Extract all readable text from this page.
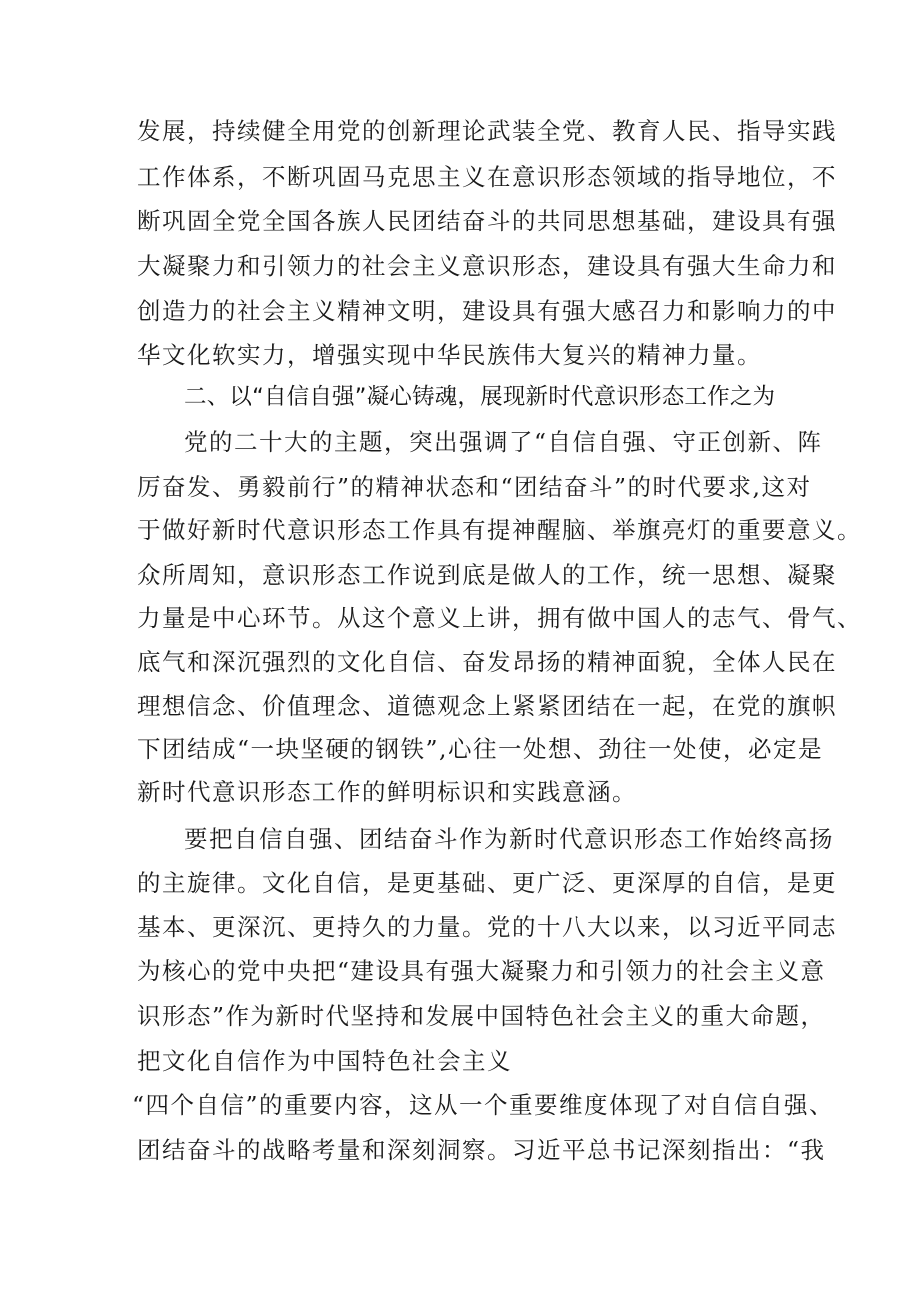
发展，持续健全用党的创新理论武装全党、教育人民、指导实践

工作体系，不断巩固马克思主义在意识形态领域的指导地位，不

断巩固全党全国各族人民团结奋斗的共同思想基础，建设具有强

大凝聚力和引领力的社会主义意识形态，建设具有强大生命力和

创造力的社会主义精神文明，建设具有强大感召力和影响力的中

华文化软实力，增强实现中华民族伟大复兴的精神力量。

二、以“自信自强”凝心铸魂，展现新时代意识形态工作之为

党的二十大的主题，突出强调了“自信自强、守正创新、阵

厉奋发、勇毅前行”的精神状态和“团结奋斗”的时代要求,这对

于做好新时代意识形态工作具有提神醒脑、举旗亮灯的重要意义。

众所周知，意识形态工作说到底是做人的工作，统一思想、凝聚

力量是中心环节。从这个意义上讲，拥有做中国人的志气、骨气、

底气和深沉强烈的文化自信、奋发昂扬的精神面貌，全体人民在

理想信念、价值理念、道德观念上紧紧团结在一起，在党的旗帜

下团结成“一块坚硬的钢铁”,心往一处想、劲往一处使，必定是

新时代意识形态工作的鲜明标识和实践意涵。

要把自信自强、团结奋斗作为新时代意识形态工作始终高扬

的主旋律。文化自信，是更基础、更广泛、更深厚的自信，是更

基本、更深沉、更持久的力量。党的十八大以来，以习近平同志

为核心的党中央把“建设具有强大凝聚力和引领力的社会主义意

识形态”作为新时代坚持和发展中国特色社会主义的重大命题，

把文化自信作为中国特色社会主义

“四个自信”的重要内容，这从一个重要维度体现了对自信自强、

团结奋斗的战略考量和深刻洞察。习近平总书记深刻指出：“我
